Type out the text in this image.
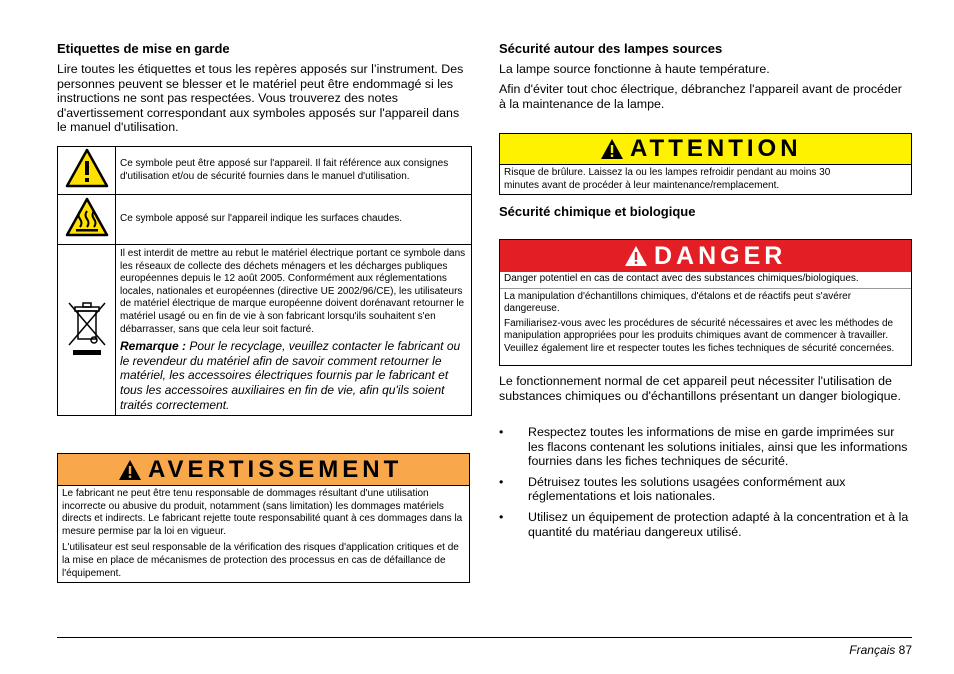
Etiquettes de mise en garde

Lire toutes les étiquettes et tous les repères apposés sur l’instrument. Des personnes peuvent se blesser et le matériel peut être endommagé si les instructions ne sont pas respectées. Vous trouverez des notes d'avertissement correspondant aux symboles apposés sur l'appareil dans le manuel d'utilisation.

	Ce symbole peut être apposé sur l'appareil. Il fait référence aux consignes d'utilisation et/ou de sécurité fournies dans le manuel d'utilisation.
	Ce symbole apposé sur l'appareil indique les surfaces chaudes.
	Il est interdit de mettre au rebut le matériel électrique portant ce symbole dans les réseaux de collecte des déchets ménagers et les décharges publiques européennes depuis le 12 août 2005. Conformément aux réglementations locales, nationales et européennes (directive UE 2002/96/CE), les utilisateurs de matériel électrique de marque européenne doivent dorénavant retourner le matériel usagé ou en fin de vie à son fabricant lorsqu'ils souhaitent s'en débarrasser, sans que cela leur soit facturé.
Remarque : Pour le recyclage, veuillez contacter le fabricant ou le revendeur du matériel afin de savoir comment retourner le matériel, les accessoires électriques fournis par le fabricant et tous les accessoires auxiliaires en fin de vie, afin qu'ils soient traités correctement.
AVERTISSEMENT

Le fabricant ne peut être tenu responsable de dommages résultant d'une utilisation incorrecte ou abusive du produit, notamment (sans limitation) les dommages matériels directs et indirects. Le fabricant rejette toute responsabilité quant à ces dommages dans la mesure permise par la loi en vigueur.

L'utilisateur est seul responsable de la vérification des risques d'application critiques et de la mise en place de mécanismes de protection des processus en cas de défaillance de l'équipement.

Sécurité autour des lampes sources

La lampe source fonctionne à haute température.

Afin d'éviter tout choc électrique, débranchez l'appareil avant de procéder à la maintenance de la lampe.

ATTENTION
Risque de brûlure. Laissez la ou les lampes refroidir pendant au moins 30 minutes avant de procéder à leur maintenance/remplacement.
Sécurité chimique et biologique
DANGER
Danger potentiel en cas de contact avec des substances chimiques/biologiques.

La manipulation d'échantillons chimiques, d'étalons et de réactifs peut s'avérer dangereuse.

Familiarisez-vous avec les procédures de sécurité nécessaires et avec les méthodes de manipulation appropriées pour les produits chimiques avant de commencer à travailler. Veuillez également lire et respecter toutes les fiches techniques de sécurité concernées.

Le fonctionnement normal de cet appareil peut nécessiter l'utilisation de substances chimiques ou d'échantillons présentant un danger biologique.

• Respectez toutes les informations de mise en garde imprimées sur les flacons contenant les solutions initiales, ainsi que les informations fournies dans les fiches techniques de sécurité.
• Détruisez toutes les solutions usagées conformément aux réglementations et lois nationales.
• Utilisez un équipement de protection adapté à la concentration et à la quantité du matériau dangereux utilisé.
Français 87
